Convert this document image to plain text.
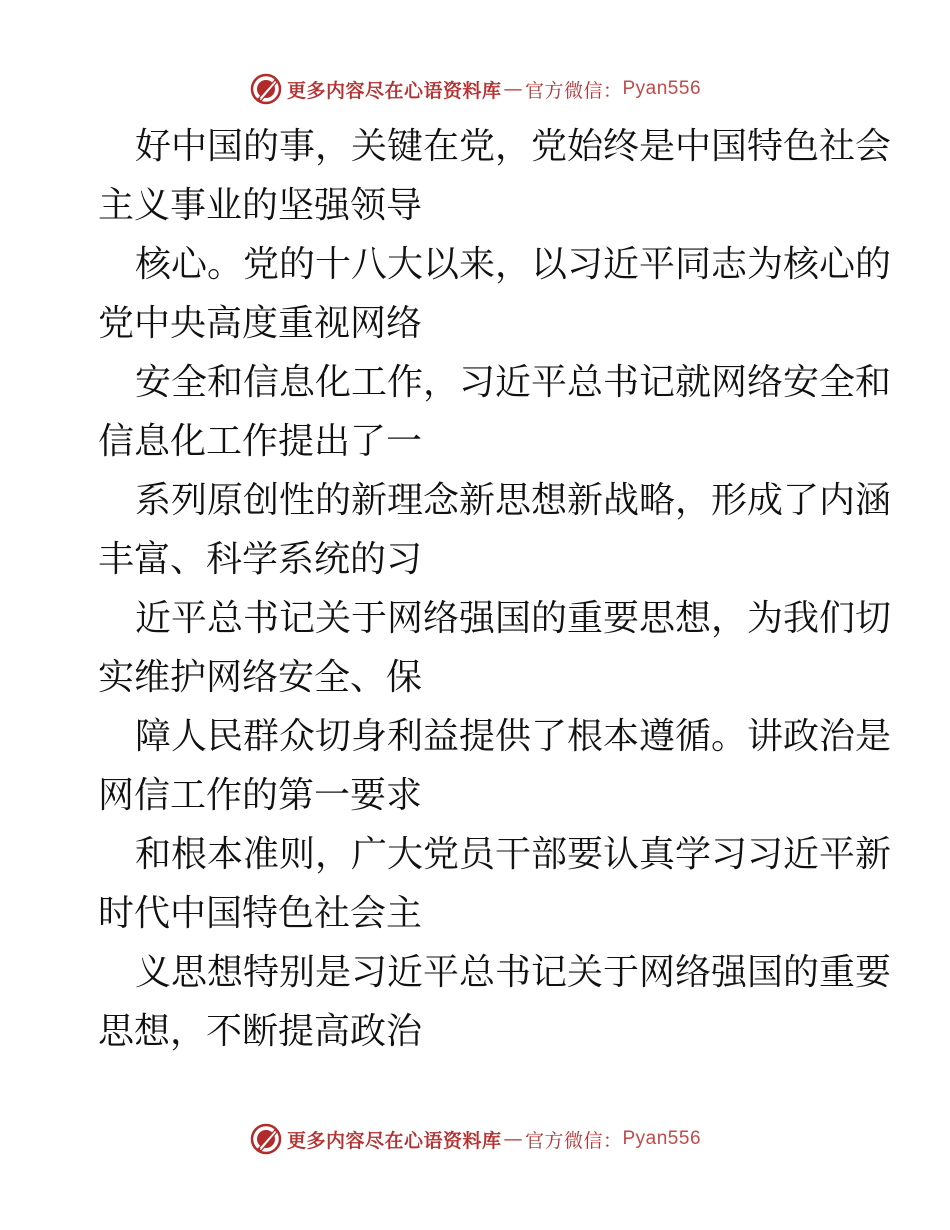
更多内容尽在心语资料库 — 官方微信： Pyan556
好中国的事，关键在党，党始终是中国特色社会
主义事业的坚强领导
核心。党的十八大以来，以习近平同志为核心的
党中央高度重视网络
安全和信息化工作，习近平总书记就网络安全和
信息化工作提出了一
系列原创性的新理念新思想新战略，形成了内涵
丰富、科学系统的习
近平总书记关于网络强国的重要思想，为我们切
实维护网络安全、保
障人民群众切身利益提供了根本遵循。讲政治是
网信工作的第一要求
和根本准则，广大党员干部要认真学习习近平新
时代中国特色社会主
义思想特别是习近平总书记关于网络强国的重要
思想，不断提高政治
更多内容尽在心语资料库 — 官方微信： Pyan556
